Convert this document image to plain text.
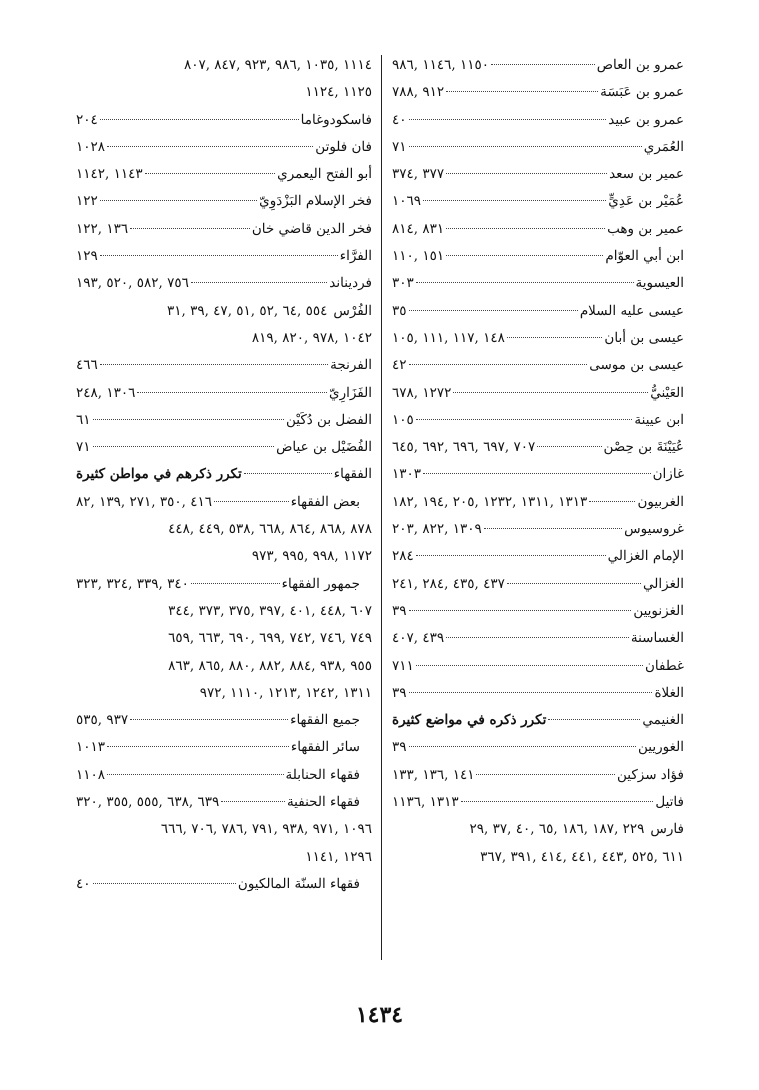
عمرو بن العاص
١١٥٠ ,١١٤٦ ,٩٨٦
عمرو بن عَبَسَة
٩١٢ ,٧٨٨
عمرو بن عبيد
٤٠
العُمَري
٧١
عمير بن سعد
٣٧٧ ,٣٧٤
عُمَيْر بن عَدِيٍّ
١٠٦٩
عمير بن وهب
٨٣١ ,٨١٤
ابن أبي العوّام
١٥١ ,١١٠
العيسوية
٣٠٣
عيسى عليه السلام
٣٥
عيسى بن أبان
١٤٨ ,١١٧ ,١١١ ,١٠٥
عيسى بن موسى
٤٢
العَيْنيُّ
١٢٧٢ ,٦٧٨
ابن عيينة
١٠٥
عُيَيْنَةَ بن حِصْن
٧٠٧ ,٦٩٧ ,٦٩٦ ,٦٩٢ ,٦٤٥
غازان
١٣٠٣
الغربيون
١٣١٣ ,١٣١١ ,١٢٣٢ ,٢٠٥ ,١٩٤ ,١٨٢
غروسيوس
١٣٠٩ ,٨٢٢ ,٢٠٣
الإمام الغزالي
٢٨٤
الغزالي
٤٣٧ ,٤٣٥ ,٢٨٤ ,٢٤١
الغزنويين
٣٩
الغساسنة
٤٣٩ ,٤٠٧
غطفان
٧١١
الغلاة
٣٩
الغنيمي
تكرر ذكره في مواضع كثيرة
الغوريين
٣٩
فؤاد سزكين
١٤١ ,١٣٦ ,١٣٣
فاتيل
١٣١٣ ,١١٣٦
فارس
٢٢٩ ,١٨٧ ,١٨٦ ,٦٥ ,٤٠ ,٣٧ ,٢٩
٦١١ ,٥٢٥ ,٤٤٣ ,٤٤١ ,٤١٤ ,٣٩١ ,٣٦٧
١١١٤ ,١٠٣٥ ,٩٨٦ ,٩٢٣ ,٨٤٧ ,٨٠٧
١١٢٥ ,١١٢٤
فاسكودوغاما
٢٠٤
فان فلوتن
١٠٢٨
أبو الفتح اليعمري
١١٤٣ ,١١٤٢
فخر الإسلام البَزْدَوِيّ
١٢٢
فخر الدين قاضي خان
١٣٦ ,١٢٢
الفرَّاء
١٢٩
فرديناند
٧٥٦ ,٥٨٢ ,٥٢٠ ,١٩٣
الفُرْس
٥٥٤ ,٦٤ ,٥٢ ,٥١ ,٤٧ ,٣٩ ,٣١
١٠٤٢ ,٩٧٨ ,٨٢٠ ,٨١٩
الفرنجة
٤٦٦
الفَزَارِيّ
١٣٠٦ ,٢٤٨
الفضل بن دُكَيْن
٦١
الفُضَيْل بن عياض
٧١
الفقهاء
تكرر ذكرهم في مواطن كثيرة
بعض الفقهاء
٤١٦ ,٣٥٠ ,٢٧١ ,١٣٩ ,٨٢
٨٧٨ ,٨٦٨ ,٨٦٤ ,٦٦٨ ,٥٣٨ ,٤٤٩ ,٤٤٨
١١٧٢ ,٩٩٨ ,٩٩٥ ,٩٧٣
جمهور الفقهاء
٣٤٠ ,٣٣٩ ,٣٢٤ ,٣٢٣
٦٠٧ ,٤٤٨ ,٤٠١ ,٣٩٧ ,٣٧٥ ,٣٧٣ ,٣٤٤
٧٤٩ ,٧٤٦ ,٧٤٢ ,٦٩٩ ,٦٩٠ ,٦٦٣ ,٦٥٩
٩٥٥ ,٩٣٨ ,٨٨٤ ,٨٨٢ ,٨٨٠ ,٨٦٥ ,٨٦٣
١٣١١ ,١٢٤٢ ,١٢١٣ ,١١١٠ ,٩٧٢
جميع الفقهاء
٩٣٧ ,٥٣٥
سائر الفقهاء
١٠١٣
فقهاء الحنابلة
١١٠٨
فقهاء الحنفية
٦٣٩ ,٦٣٨ ,٥٥٥ ,٣٥٥ ,٣٢٠
١٠٩٦ ,٩٧١ ,٩٣٨ ,٧٩١ ,٧٨٦ ,٧٠٦ ,٦٦٦
١٢٩٦ ,١١٤١
فقهاء السنّة المالكيون
٤٠
١٤٣٤
